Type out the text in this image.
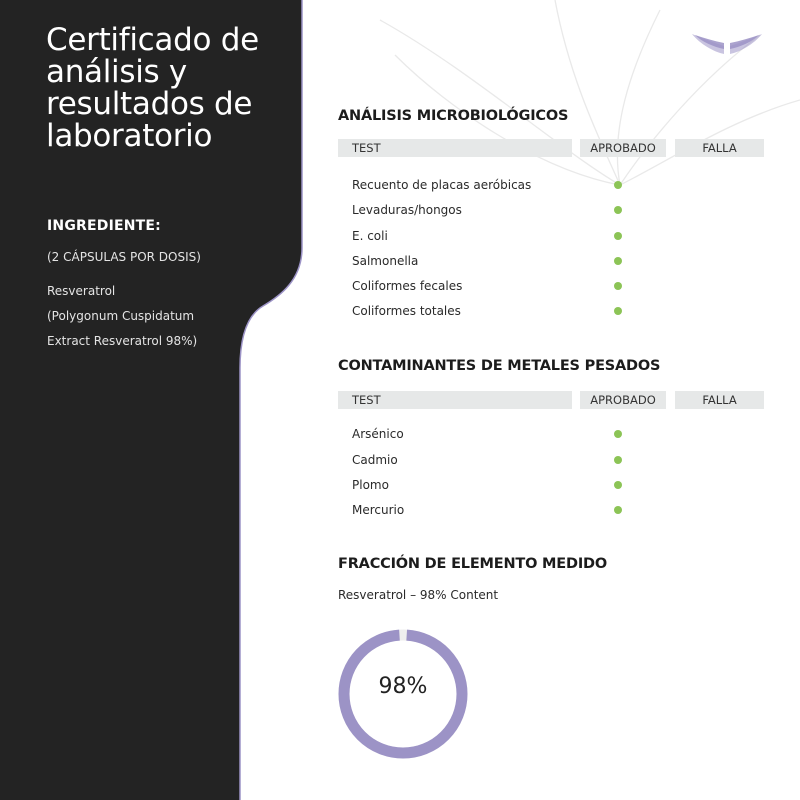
Certificado de análisis y resultados de laboratorio
INGREDIENTE:
(2 CÁPSULAS POR DOSIS)
Resveratrol
(Polygonum Cuspidatum
Extract Resveratrol 98%)
ANÁLISIS MICROBIOLÓGICOS
TEST	APROBADO	FALLA
Recuento de placas aeróbicas
Levaduras/hongos
E. coli
Salmonella
Coliformes fecales
Coliformes totales
CONTAMINANTES DE METALES PESADOS
TEST	APROBADO	FALLA
Arsénico
Cadmio
Plomo
Mercurio
FRACCIÓN DE ELEMENTO MEDIDO
Resveratrol – 98% Content
98%
